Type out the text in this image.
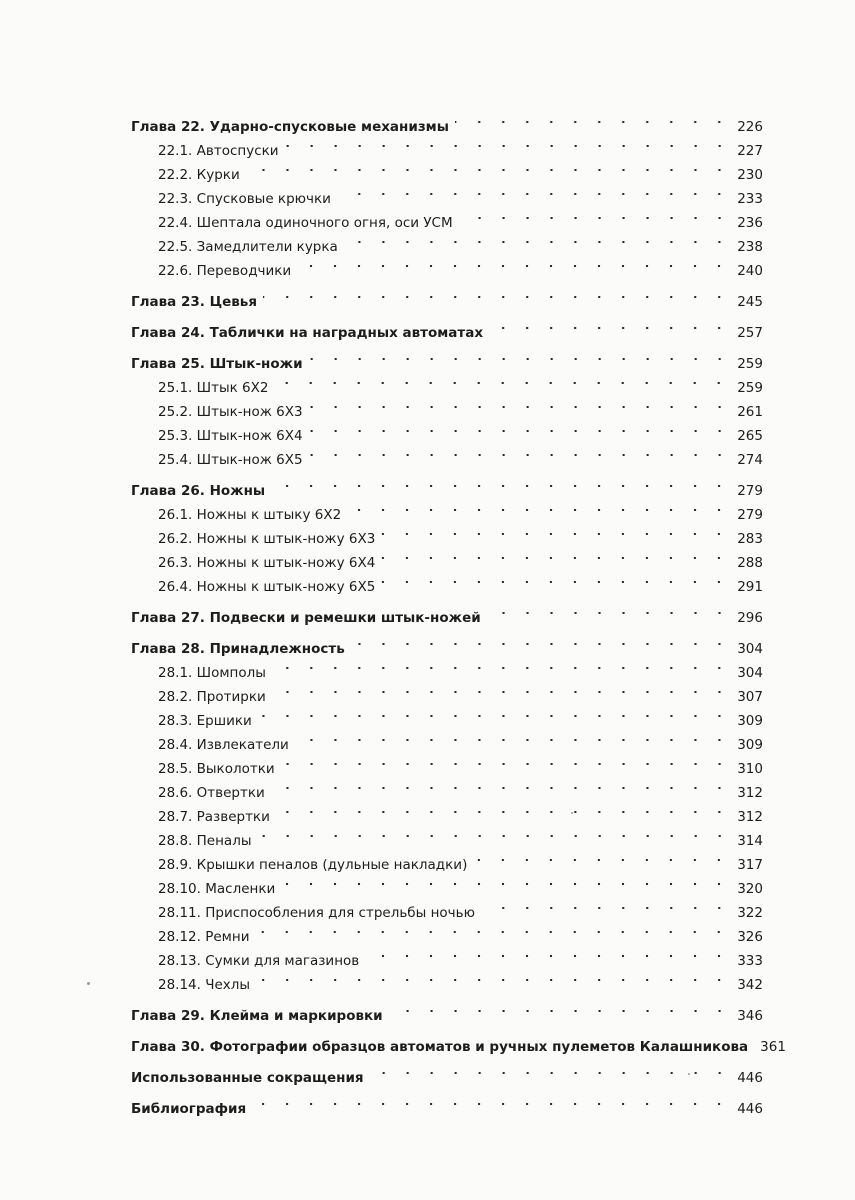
Глава 22. Ударно-спусковые механизмы	226
22.1. Автоспуски	227
22.2. Курки	230
22.3. Спусковые крючки	233
22.4. Шептала одиночного огня, оси УСМ	236
22.5. Замедлители курка	238
22.6. Переводчики	240
Глава 23. Цевья	245
Глава 24. Таблички на наградных автоматах	257
Глава 25. Штык-ножи	259
25.1. Штык 6Х2	259
25.2. Штык-нож 6Х3	261
25.3. Штык-нож 6Х4	265
25.4. Штык-нож 6Х5	274
Глава 26. Ножны	279
26.1. Ножны к штыку 6Х2	279
26.2. Ножны к штык-ножу 6Х3	283
26.3. Ножны к штык-ножу 6Х4	288
26.4. Ножны к штык-ножу 6Х5	291
Глава 27. Подвески и ремешки штык-ножей	296
Глава 28. Принадлежность	304
28.1. Шомполы	304
28.2. Протирки	307
28.3. Ершики	309
28.4. Извлекатели	309
28.5. Выколотки	310
28.6. Отвертки	312
28.7. Развертки	312
28.8. Пеналы	314
28.9. Крышки пеналов (дульные накладки)	317
28.10. Масленки	320
28.11. Приспособления для стрельбы ночью	322
28.12. Ремни	326
28.13. Сумки для магазинов	333
28.14. Чехлы	342
Глава 29. Клейма и маркировки	346
Глава 30. Фотографии образцов автоматов и ручных пулеметов Калашникова 361
Использованные сокращения	446
Библиография	446
